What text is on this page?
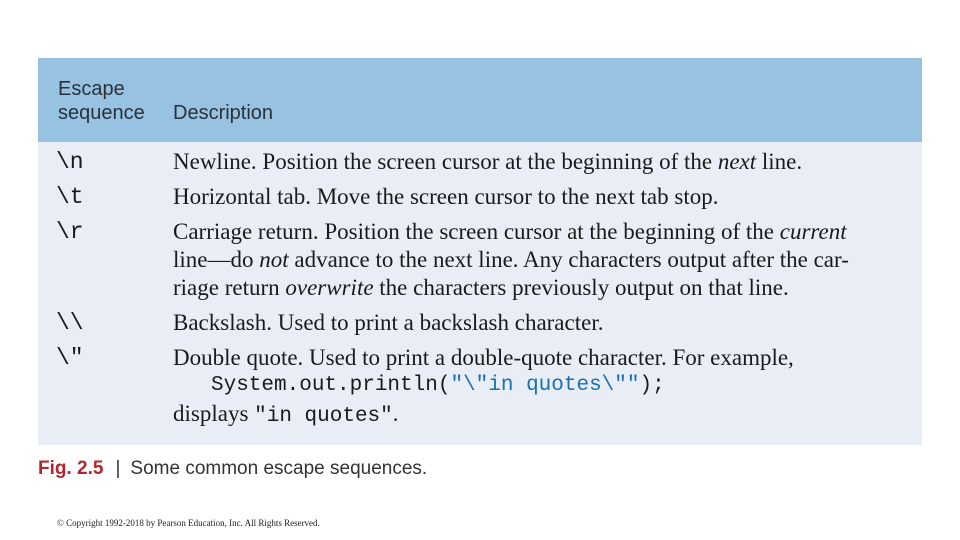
Escape sequence	Description
\n	Newline. Position the screen cursor at the beginning of the next line.
\t	Horizontal tab. Move the screen cursor to the next tab stop.
\r	Carriage return. Position the screen cursor at the beginning of the current
line—do not advance to the next line. Any characters output after the car-
riage return overwrite the characters previously output on that line.
\\	Backslash. Used to print a backslash character.
\"	Double quote. Used to print a double-quote character. For example,
System.out.println("\"in quotes\"");
displays "in quotes".
Fig. 2.5 | Some common escape sequences.
© Copyright 1992-2018 by Pearson Education, Inc. All Rights Reserved.
